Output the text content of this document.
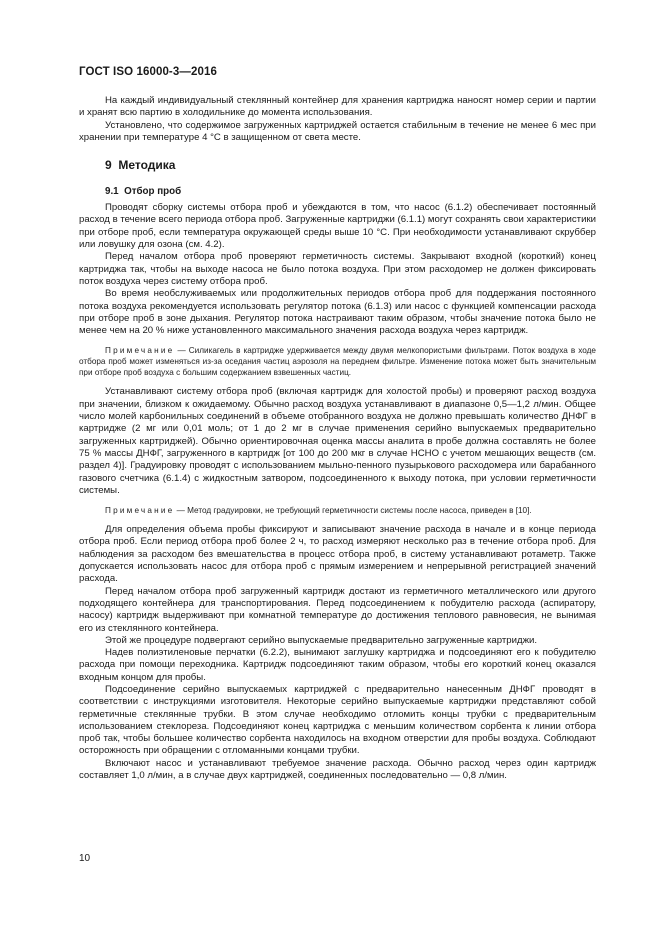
ГОСТ ISO 16000-3—2016

На каждый индивидуальный стеклянный контейнер для хранения картриджа наносят номер серии и партии и хранят всю партию в холодильнике до момента использования.

Установлено, что содержимое загруженных картриджей остается стабильным в течение не менее 6 мес при хранении при температуре 4 °С в защищенном от света месте.

9 Методика
9.1 Отбор проб

Проводят сборку системы отбора проб и убеждаются в том, что насос (6.1.2) обеспечивает постоянный расход в течение всего периода отбора проб. Загруженные картриджи (6.1.1) могут сохранять свои характеристики при отборе проб, если температура окружающей среды выше 10 °С. При необходимости устанавливают скруббер или ловушку для озона (см. 4.2).

Перед началом отбора проб проверяют герметичность системы. Закрывают входной (короткий) конец картриджа так, чтобы на выходе насоса не было потока воздуха. При этом расходомер не должен фиксировать поток воздуха через систему отбора проб.

Во время необслуживаемых или продолжительных периодов отбора проб для поддержания постоянного потока воздуха рекомендуется использовать регулятор потока (6.1.3) или насос с функцией компенсации расхода при отборе проб в зоне дыхания. Регулятор потока настраивают таким образом, чтобы значение потока было не менее чем на 20 % ниже установленного максимального значения расхода воздуха через картридж.

Примечание — Силикагель в картридже удерживается между двумя мелкопористыми фильтрами. Поток воздуха в ходе отбора проб может изменяться из-за оседания частиц аэрозоля на переднем фильтре. Изменение потока может быть значительным при отборе проб воздуха с большим содержанием взвешенных частиц.

Устанавливают систему отбора проб (включая картридж для холостой пробы) и проверяют расход воздуха при значении, близком к ожидаемому. Обычно расход воздуха устанавливают в диапазоне 0,5—1,2 л/мин. Общее число молей карбонильных соединений в объеме отобранного воздуха не должно превышать количество ДНФГ в картридже (2 мг или 0,01 моль; от 1 до 2 мг в случае применения серийно выпускаемых предварительно загруженных картриджей). Обычно ориентировочная оценка массы аналита в пробе должна составлять не более 75 % массы ДНФГ, загруженного в картридж [от 100 до 200 мкг в случае НСНО с учетом мешающих веществ (см. раздел 4)]. Градуировку проводят с использованием мыльно-пенного пузырькового расходомера или барабанного газового счетчика (6.1.4) с жидкостным затвором, подсоединенного к выходу потока, при условии герметичности системы.

Примечание — Метод градуировки, не требующий герметичности системы после насоса, приведен в [10].

Для определения объема пробы фиксируют и записывают значение расхода в начале и в конце периода отбора проб. Если период отбора проб более 2 ч, то расход измеряют несколько раз в течение отбора проб. Для наблюдения за расходом без вмешательства в процесс отбора проб, в систему устанавливают ротаметр. Также допускается использовать насос для отбора проб с прямым измерением и непрерывной регистрацией значений расхода.

Перед началом отбора проб загруженный картридж достают из герметичного металлического или другого подходящего контейнера для транспортирования. Перед подсоединением к побудителю расхода (аспиратору, насосу) картридж выдерживают при комнатной температуре до достижения теплового равновесия, не вынимая его из стеклянного контейнера.

Этой же процедуре подвергают серийно выпускаемые предварительно загруженные картриджи.

Надев полиэтиленовые перчатки (6.2.2), вынимают заглушку картриджа и подсоединяют его к побудителю расхода при помощи переходника. Картридж подсоединяют таким образом, чтобы его короткий конец оказался входным концом для пробы.

Подсоединение серийно выпускаемых картриджей с предварительно нанесенным ДНФГ проводят в соответствии с инструкциями изготовителя. Некоторые серийно выпускаемые картриджи представляют собой герметичные стеклянные трубки. В этом случае необходимо отломить концы трубки с предварительным использованием стеклореза. Подсоединяют конец картриджа с меньшим количеством сорбента к линии отбора проб так, чтобы большее количество сорбента находилось на входном отверстии для пробы воздуха. Соблюдают осторожность при обращении с отломанными концами трубки.

Включают насос и устанавливают требуемое значение расхода. Обычно расход через один картридж составляет 1,0 л/мин, а в случае двух картриджей, соединенных последовательно — 0,8 л/мин.

10
